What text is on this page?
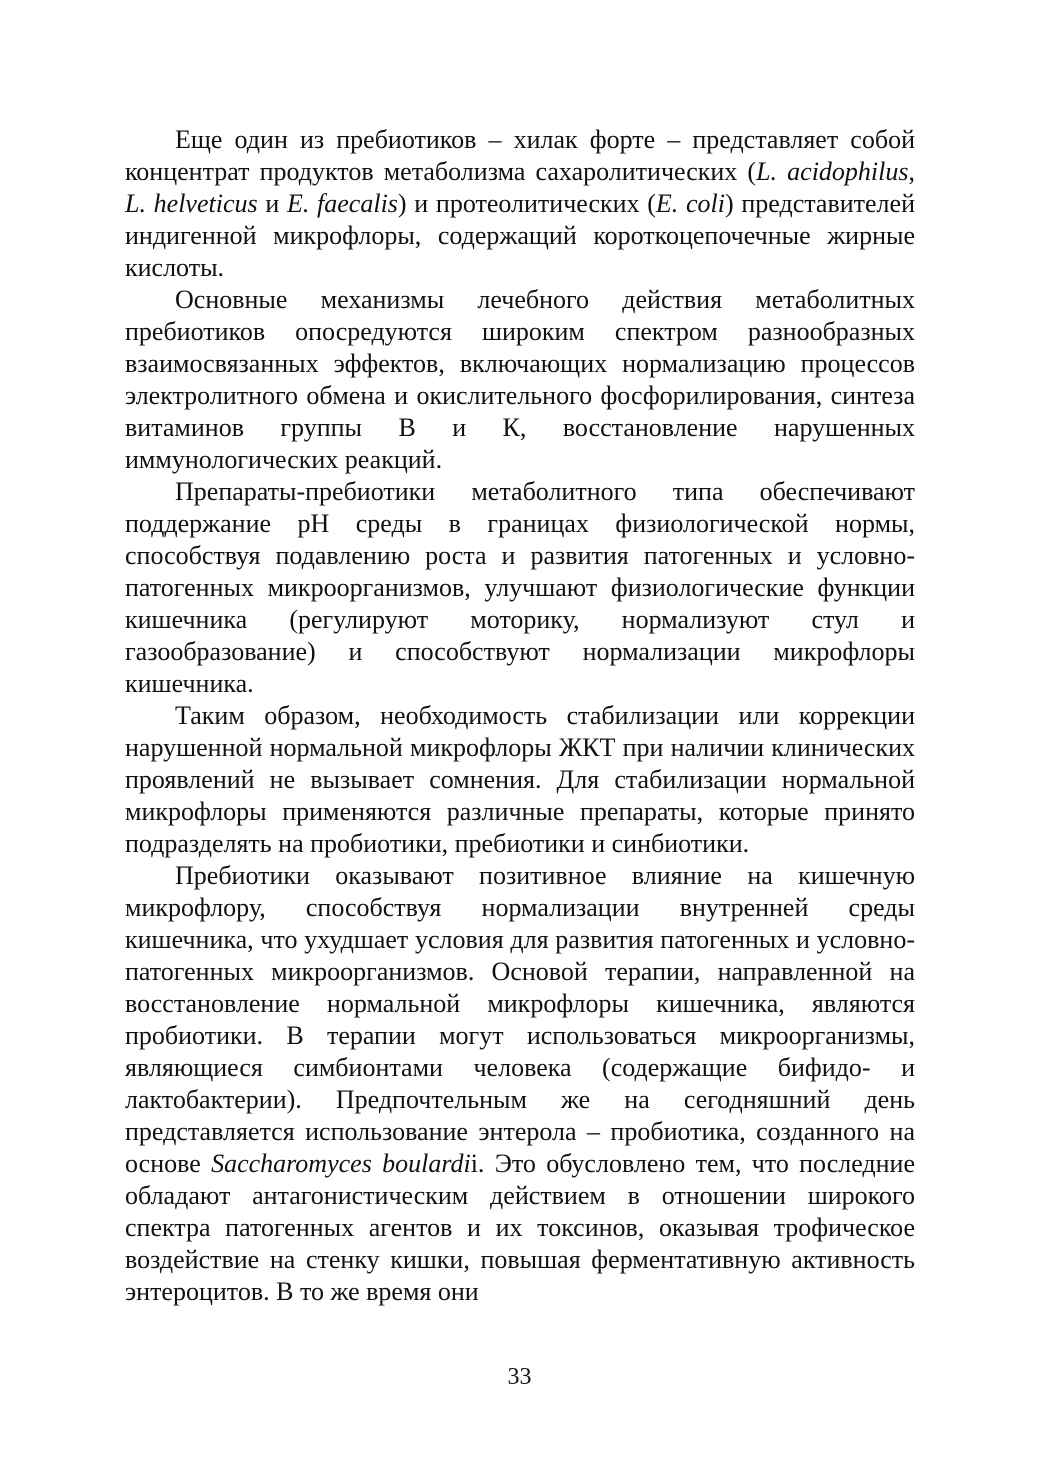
Еще один из пребиотиков – хилак форте – представляет собой концентрат продуктов метаболизма сахаролитических (L. acidophilus, L. helveticus и E. faecalis) и протеолитических (E. coli) представителей индигенной микрофлоры, содержащий короткоцепочечные жирные кислоты.

Основные механизмы лечебного действия метаболитных пребиотиков опосредуются широким спектром разнообразных взаимосвязанных эффектов, включающих нормализацию процессов электролитного обмена и окислительного фосфорилирования, синтеза витаминов группы В и К, восстановление нарушенных иммунологических реакций.

Препараты-пребиотики метаболитного типа обеспечивают поддержание рН среды в границах физиологической нормы, способствуя подавлению роста и развития патогенных и условно-патогенных микроорганизмов, улучшают физиологические функции кишечника (регулируют моторику, нормализуют стул и газообразование) и способствуют нормализации микрофлоры кишечника.

Таким образом, необходимость стабилизации или коррекции нарушенной нормальной микрофлоры ЖКТ при наличии клинических проявлений не вызывает сомнения. Для стабилизации нормальной микрофлоры применяются различные препараты, которые принято подразделять на пробиотики, пребиотики и синбиотики.

Пребиотики оказывают позитивное влияние на кишечную микрофлору, способствуя нормализации внутренней среды кишечника, что ухудшает условия для развития патогенных и условно-патогенных микроорганизмов. Основой терапии, направленной на восстановление нормальной микрофлоры кишечника, являются пробиотики. В терапии могут использоваться микроорганизмы, являющиеся симбионтами человека (содержащие бифидо- и лактобактерии). Предпочтельным же на сегодняшний день представляется использование энтерола – пробиотика, созданного на основе Saccharomyces boulardii. Это обусловлено тем, что последние обладают антагонистическим действием в отношении широкого спектра патогенных агентов и их токсинов, оказывая трофическое воздействие на стенку кишки, повышая ферментативную активность энтероцитов. В то же время они

33
